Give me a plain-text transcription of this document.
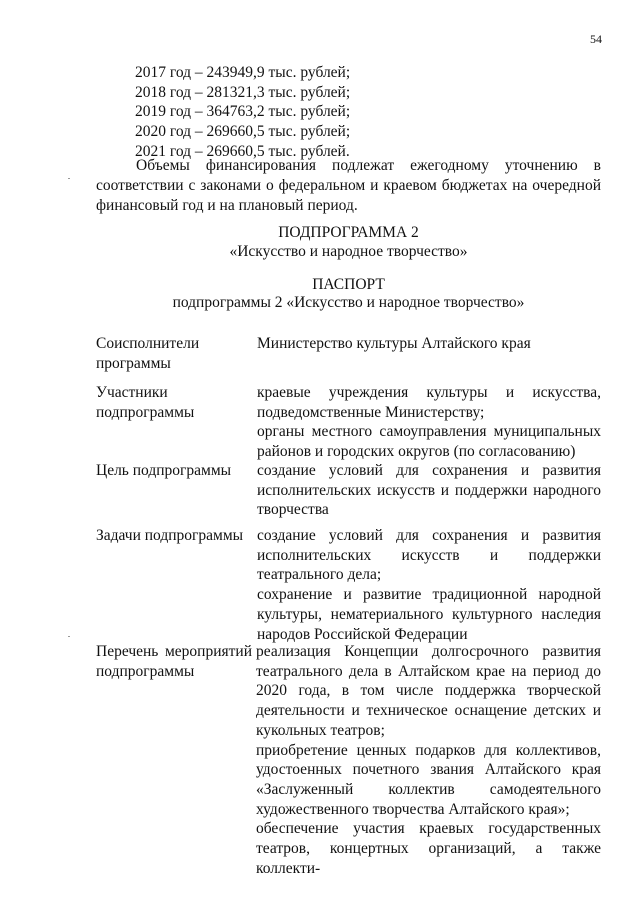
54
2017 год – 243949,9 тыс. рублей;
2018 год – 281321,3 тыс. рублей;
2019 год – 364763,2 тыс. рублей;
2020 год – 269660,5 тыс. рублей;
2021 год – 269660,5 тыс. рублей.
Объемы финансирования подлежат ежегодному уточнению в соответствии с законами о федеральном и краевом бюджетах на очередной финансовый год и на плановый период.
ПОДПРОГРАММА 2
«Искусство и народное творчество»
ПАСПОРТ
подпрограммы 2 «Искусство и народное творчество»
Соисполнители программы

Министерство культуры Алтайского края

Участники подпрограммы

краевые учреждения культуры и искусства, подведомственные Министерству;

органы местного самоуправления муниципальных районов и городских округов (по согласованию)

Цель подпрограммы	создание условий для сохранения и развития исполнительских искусств и поддержки народного творчества

Задачи подпрограммы создание условий для сохранения и развития исполнительских искусств и поддержки театрального дела;

сохранение и развитие традиционной народной культуры, нематериального культурного наследия народов Российской Федерации

Перечень мероприятий подпрограммы

реализация Концепции долгосрочного развития театрального дела в Алтайском крае на период до 2020 года, в том числе поддержка творческой деятельности и техническое оснащение детских и кукольных театров;

приобретение ценных подарков для коллективов, удостоенных почетного звания Алтайского края «Заслуженный коллектив самодеятельного художественного творчества Алтайского края»;

обеспечение участия краевых государственных театров, концертных организаций, а также коллекти-
